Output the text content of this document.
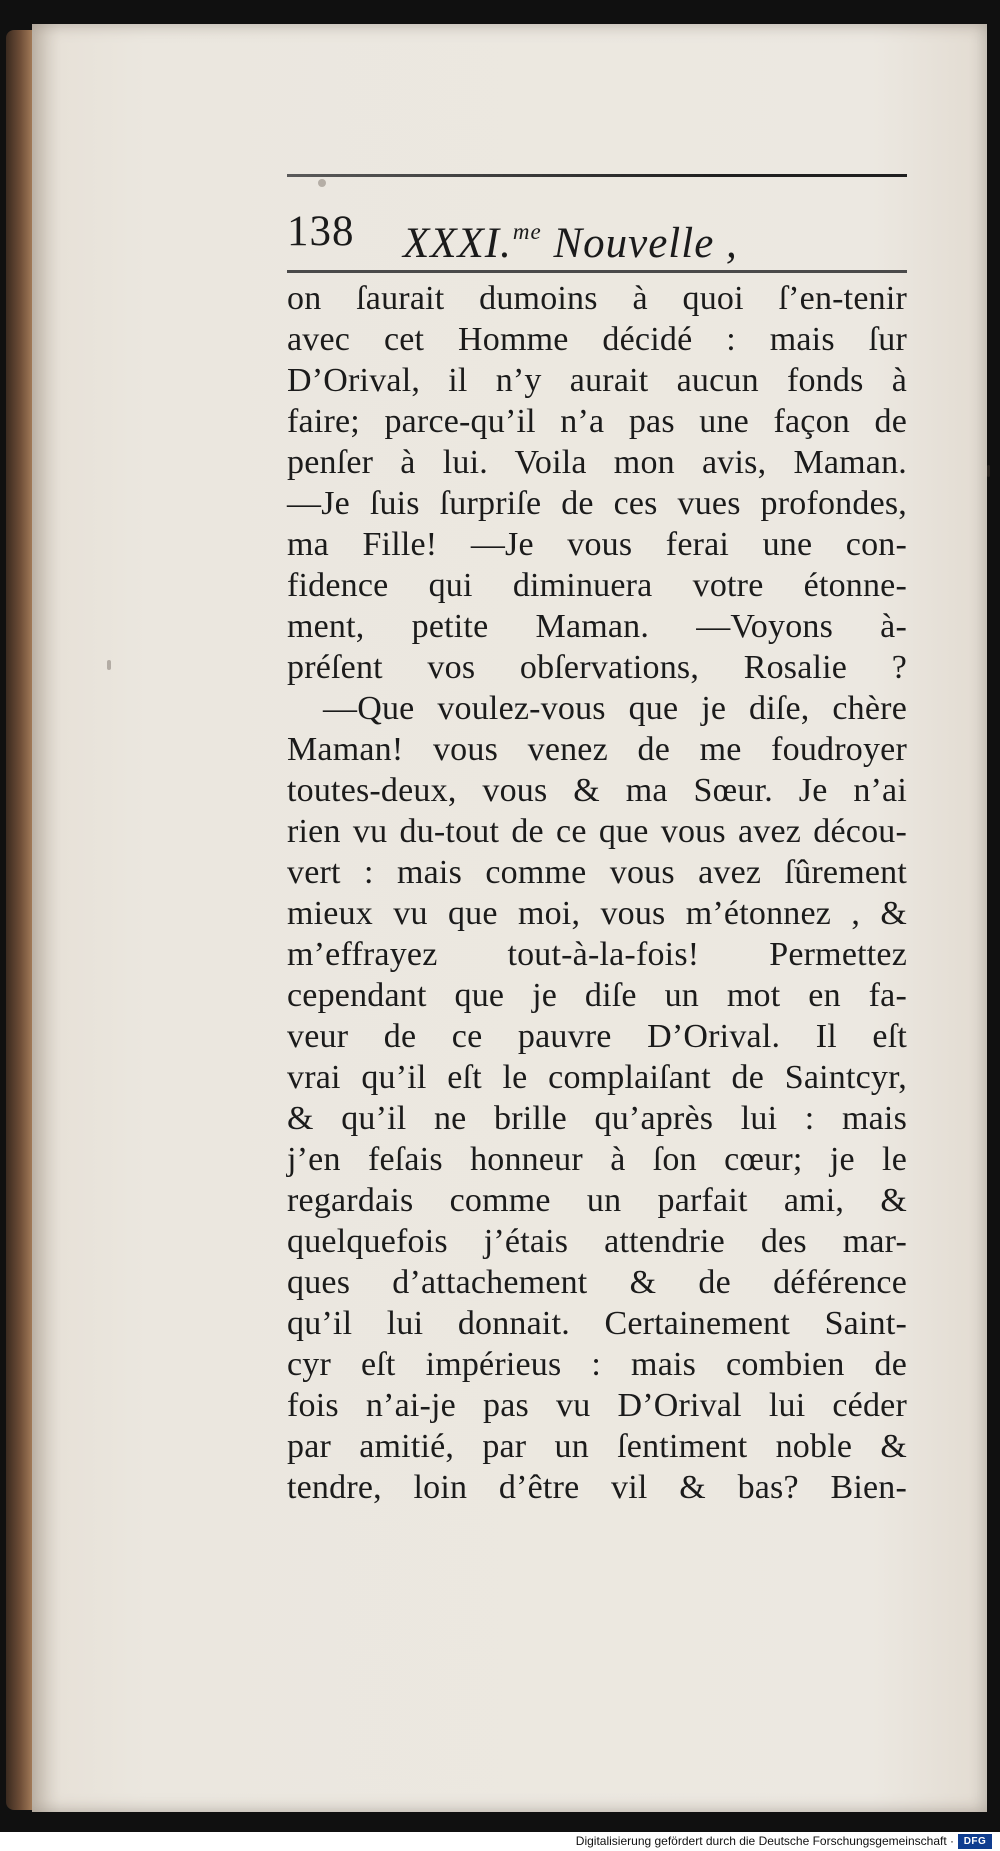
138 XXXI.$^{me}$ Nouvelle ,
on ſaurait dumoins à quoi ſ’en-tenir
avec cet Homme décidé : mais ſur
D’Orival, il n’y aurait aucun fonds à
faire; parce-qu’il n’a pas une façon de
penſer à lui. Voila mon avis, Maman.
—Je ſuis ſurpriſe de ces vues profondes,
ma Fille! —Je vous ferai une con-
fidence qui diminuera votre étonne-
ment, petite Maman. —Voyons à-
préſent vos obſervations, Rosalie ?
—Que voulez-vous que je diſe, chère
Maman! vous venez de me foudroyer
toutes-deux, vous & ma Sœur. Je n’ai
rien vu du-tout de ce que vous avez décou-
vert : mais comme vous avez ſûrement
mieux vu que moi, vous m’étonnez , &
m’effrayez tout-à-la-fois! Permettez
cependant que je diſe un mot en fa-
veur de ce pauvre D’Orival. Il eſt
vrai qu’il eſt le complaiſant de Saintcyr,
& qu’il ne brille qu’après lui : mais
j’en feſais honneur à ſon cœur; je le
regardais comme un parfait ami, &
quelquefois j’étais attendrie des mar-
ques d’attachement & de déférence
qu’il lui donnait. Certainement Saint-
cyr eſt impérieus : mais combien de
fois n’ai-je pas vu D’Orival lui céder
par amitié, par un ſentiment noble &
tendre, loin d’être vil & bas? Bien-
Digitalisierung gefördert durch die Deutsche Forschungsgemeinschaft · DFG
